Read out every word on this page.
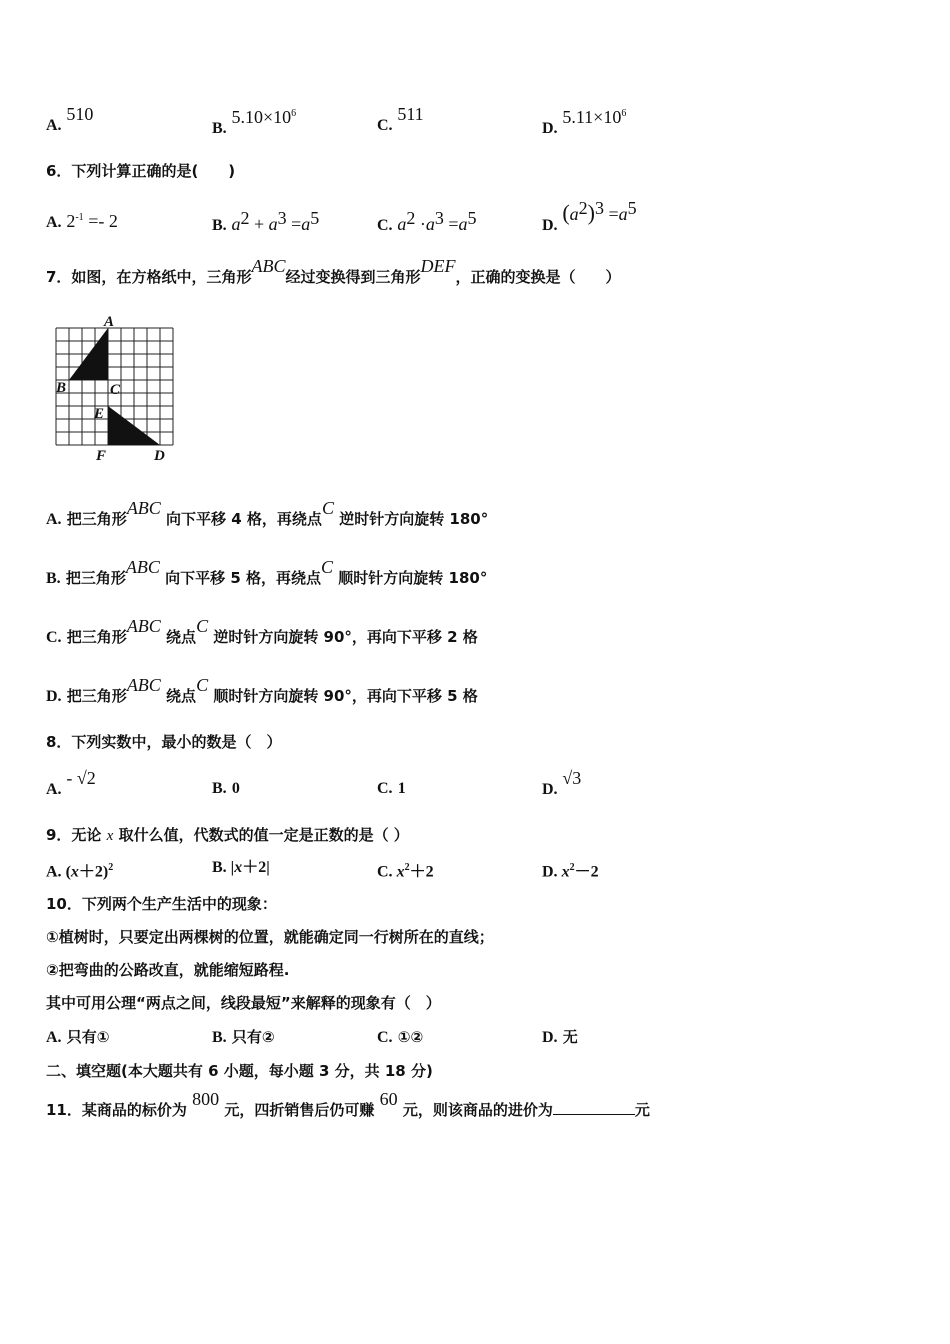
A. 510
B. $5.10\times 10^6$
C. 511
D. $5.11\times 10^6$
6．下列计算正确的是(　　)
A. $2^{-1} =- 2$	B. $a^2 + a^3 =a^5$	C. $a^2 \cdot a^3 =a^5$	D. $(a^2)^3 =a^5$
7．如图，在方格纸中，三角形ABC经过变换得到三角形DEF，正确的变换是（　　）
A
B	C
E
F	D
A. 把三角形ABC 向下平移 4 格，再绕点C 逆时针方向旋转 180°
B. 把三角形ABC 向下平移 5 格，再绕点C 顺时针方向旋转 180°
C. 把三角形ABC 绕点C 逆时针方向旋转 90°，再向下平移 2 格
D. 把三角形ABC 绕点C 顺时针方向旋转 90°，再向下平移 5 格
8．下列实数中，最小的数是（　）
A. - √2
B. 0	C. 1	D. √3
9．无论 x 取什么值，代数式的值一定是正数的是（ ）
A. $(x+2)^2$	B. |x＋2|	C. $x^2+2$	D. $x^2-2$
10．下列两个生产生活中的现象：
①植树时，只要定出两棵树的位置，就能确定同一行树所在的直线；
②把弯曲的公路改直，就能缩短路程.
其中可用公理“两点之间，线段最短”来解释的现象有（　）
A. 只有①	B. 只有②	C. ①②	D. 无
二、填空题(本大题共有 6 小题，每小题 3 分，共 18 分)
11．某商品的标价为 800 元，四折销售后仍可赚 60 元，则该商品的进价为	元
